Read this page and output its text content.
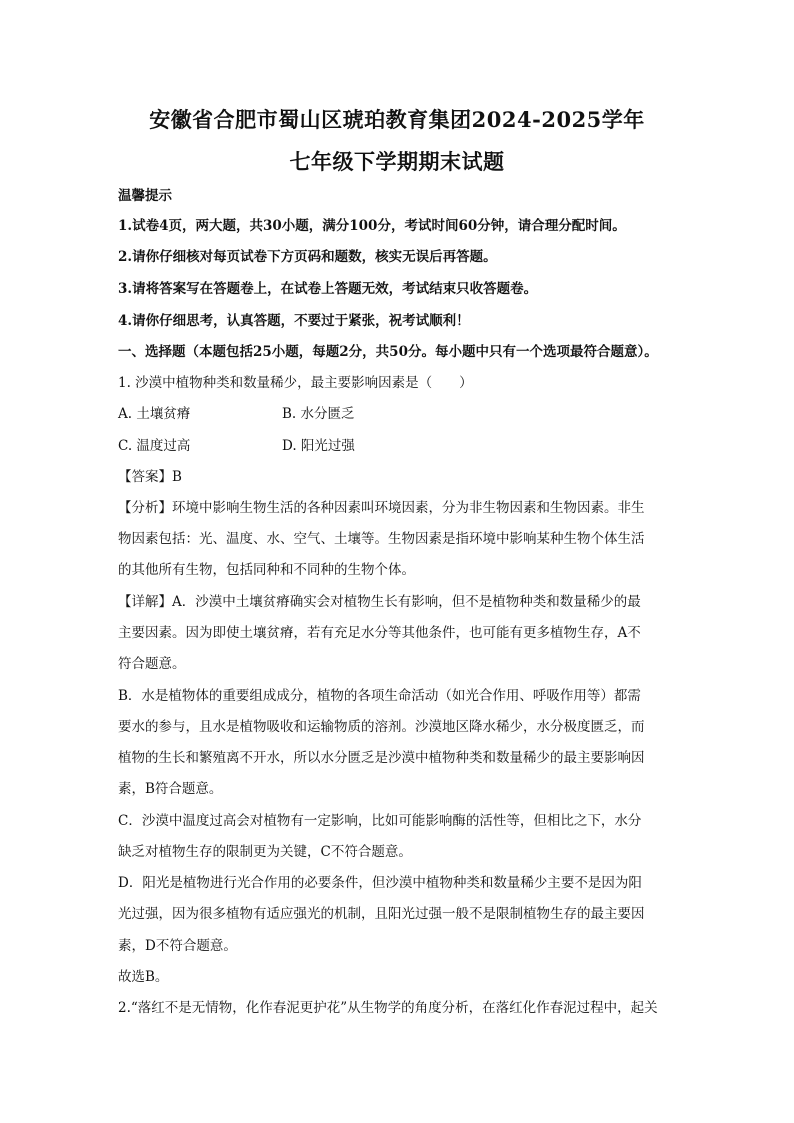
安徽省合肥市蜀山区琥珀教育集团2024-2025学年
七年级下学期期末试题
温馨提示
1.试卷4页，两大题，共30小题，满分100分，考试时间60分钟，请合理分配时间。
2.请你仔细核对每页试卷下方页码和题数，核实无误后再答题。
3.请将答案写在答题卷上，在试卷上答题无效，考试结束只收答题卷。
4.请你仔细思考，认真答题，不要过于紧张，祝考试顺利！
一、选择题（本题包括25小题，每题2分，共50分。每小题中只有一个选项最符合题意）。
1. 沙漠中植物种类和数量稀少，最主要影响因素是（　　）
A. 土壤贫瘠	B. 水分匮乏
C. 温度过高	D. 阳光过强
【答案】B
【分析】环境中影响生物生活的各种因素叫环境因素，分为非生物因素和生物因素。非生
物因素包括：光、温度、水、空气、土壤等。生物因素是指环境中影响某种生物个体生活
的其他所有生物，包括同种和不同种的生物个体。
【详解】A．沙漠中土壤贫瘠确实会对植物生长有影响，但不是植物种类和数量稀少的最
主要因素。因为即使土壤贫瘠，若有充足水分等其他条件，也可能有更多植物生存，A不
符合题意。
B．水是植物体的重要组成成分，植物的各项生命活动（如光合作用、呼吸作用等）都需
要水的参与，且水是植物吸收和运输物质的溶剂。沙漠地区降水稀少，水分极度匮乏，而
植物的生长和繁殖离不开水，所以水分匮乏是沙漠中植物种类和数量稀少的最主要影响因
素，B符合题意。
C．沙漠中温度过高会对植物有一定影响，比如可能影响酶的活性等，但相比之下，水分
缺乏对植物生存的限制更为关键，C不符合题意。
D．阳光是植物进行光合作用的必要条件，但沙漠中植物种类和数量稀少主要不是因为阳
光过强，因为很多植物有适应强光的机制，且阳光过强一般不是限制植物生存的最主要因
素，D不符合题意。
故选B。
2.“落红不是无情物，化作春泥更护花”从生物学的角度分析，在落红化作春泥过程中，起关
